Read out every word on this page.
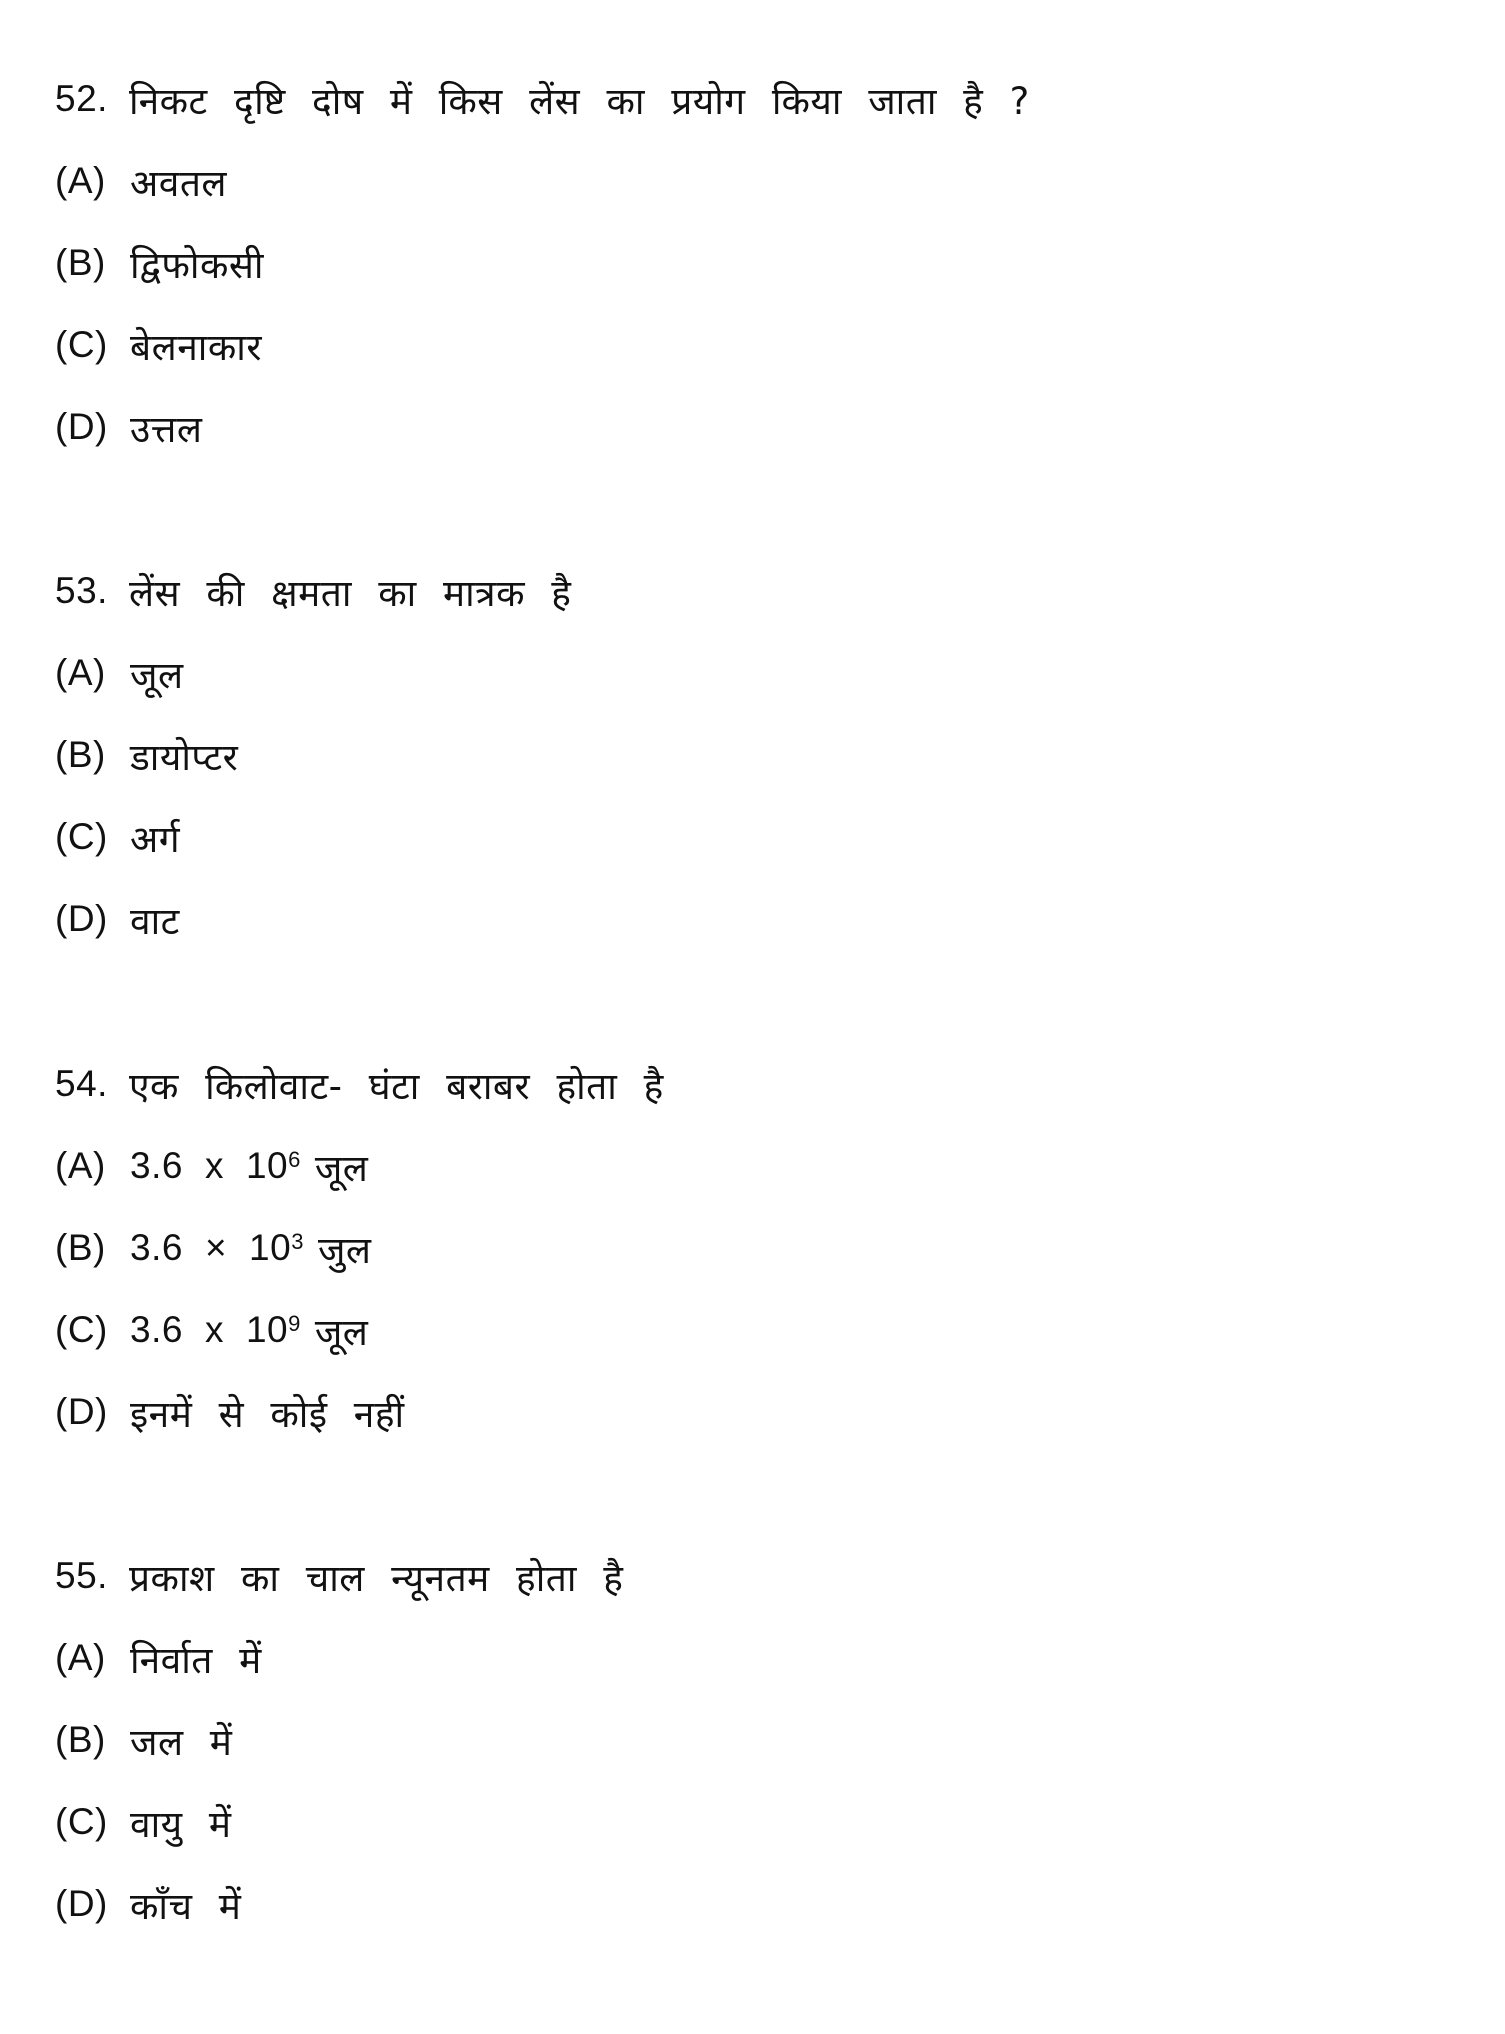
52. निकट दृष्टि दोष में किस लेंस का प्रयोग किया जाता है ?
(A) अवतल
(B) द्विफोकसी
(C) बेलनाकार
(D) उत्तल
53. लेंस की क्षमता का मात्रक है
(A) जूल
(B) डायोप्टर
(C) अर्ग
(D) वाट
54. एक किलोवाट- घंटा बराबर होता है
(A) 3.6 x $10^6$ जूल
(B) $3.6 \times 10^3$ जुल
(C) 3.6 x $10^9$ जूल
(D) इनमें से कोई नहीं
55. प्रकाश का चाल न्यूनतम होता है
(A) निर्वात में
(B) जल में
(C) वायु में
(D) काँच में
